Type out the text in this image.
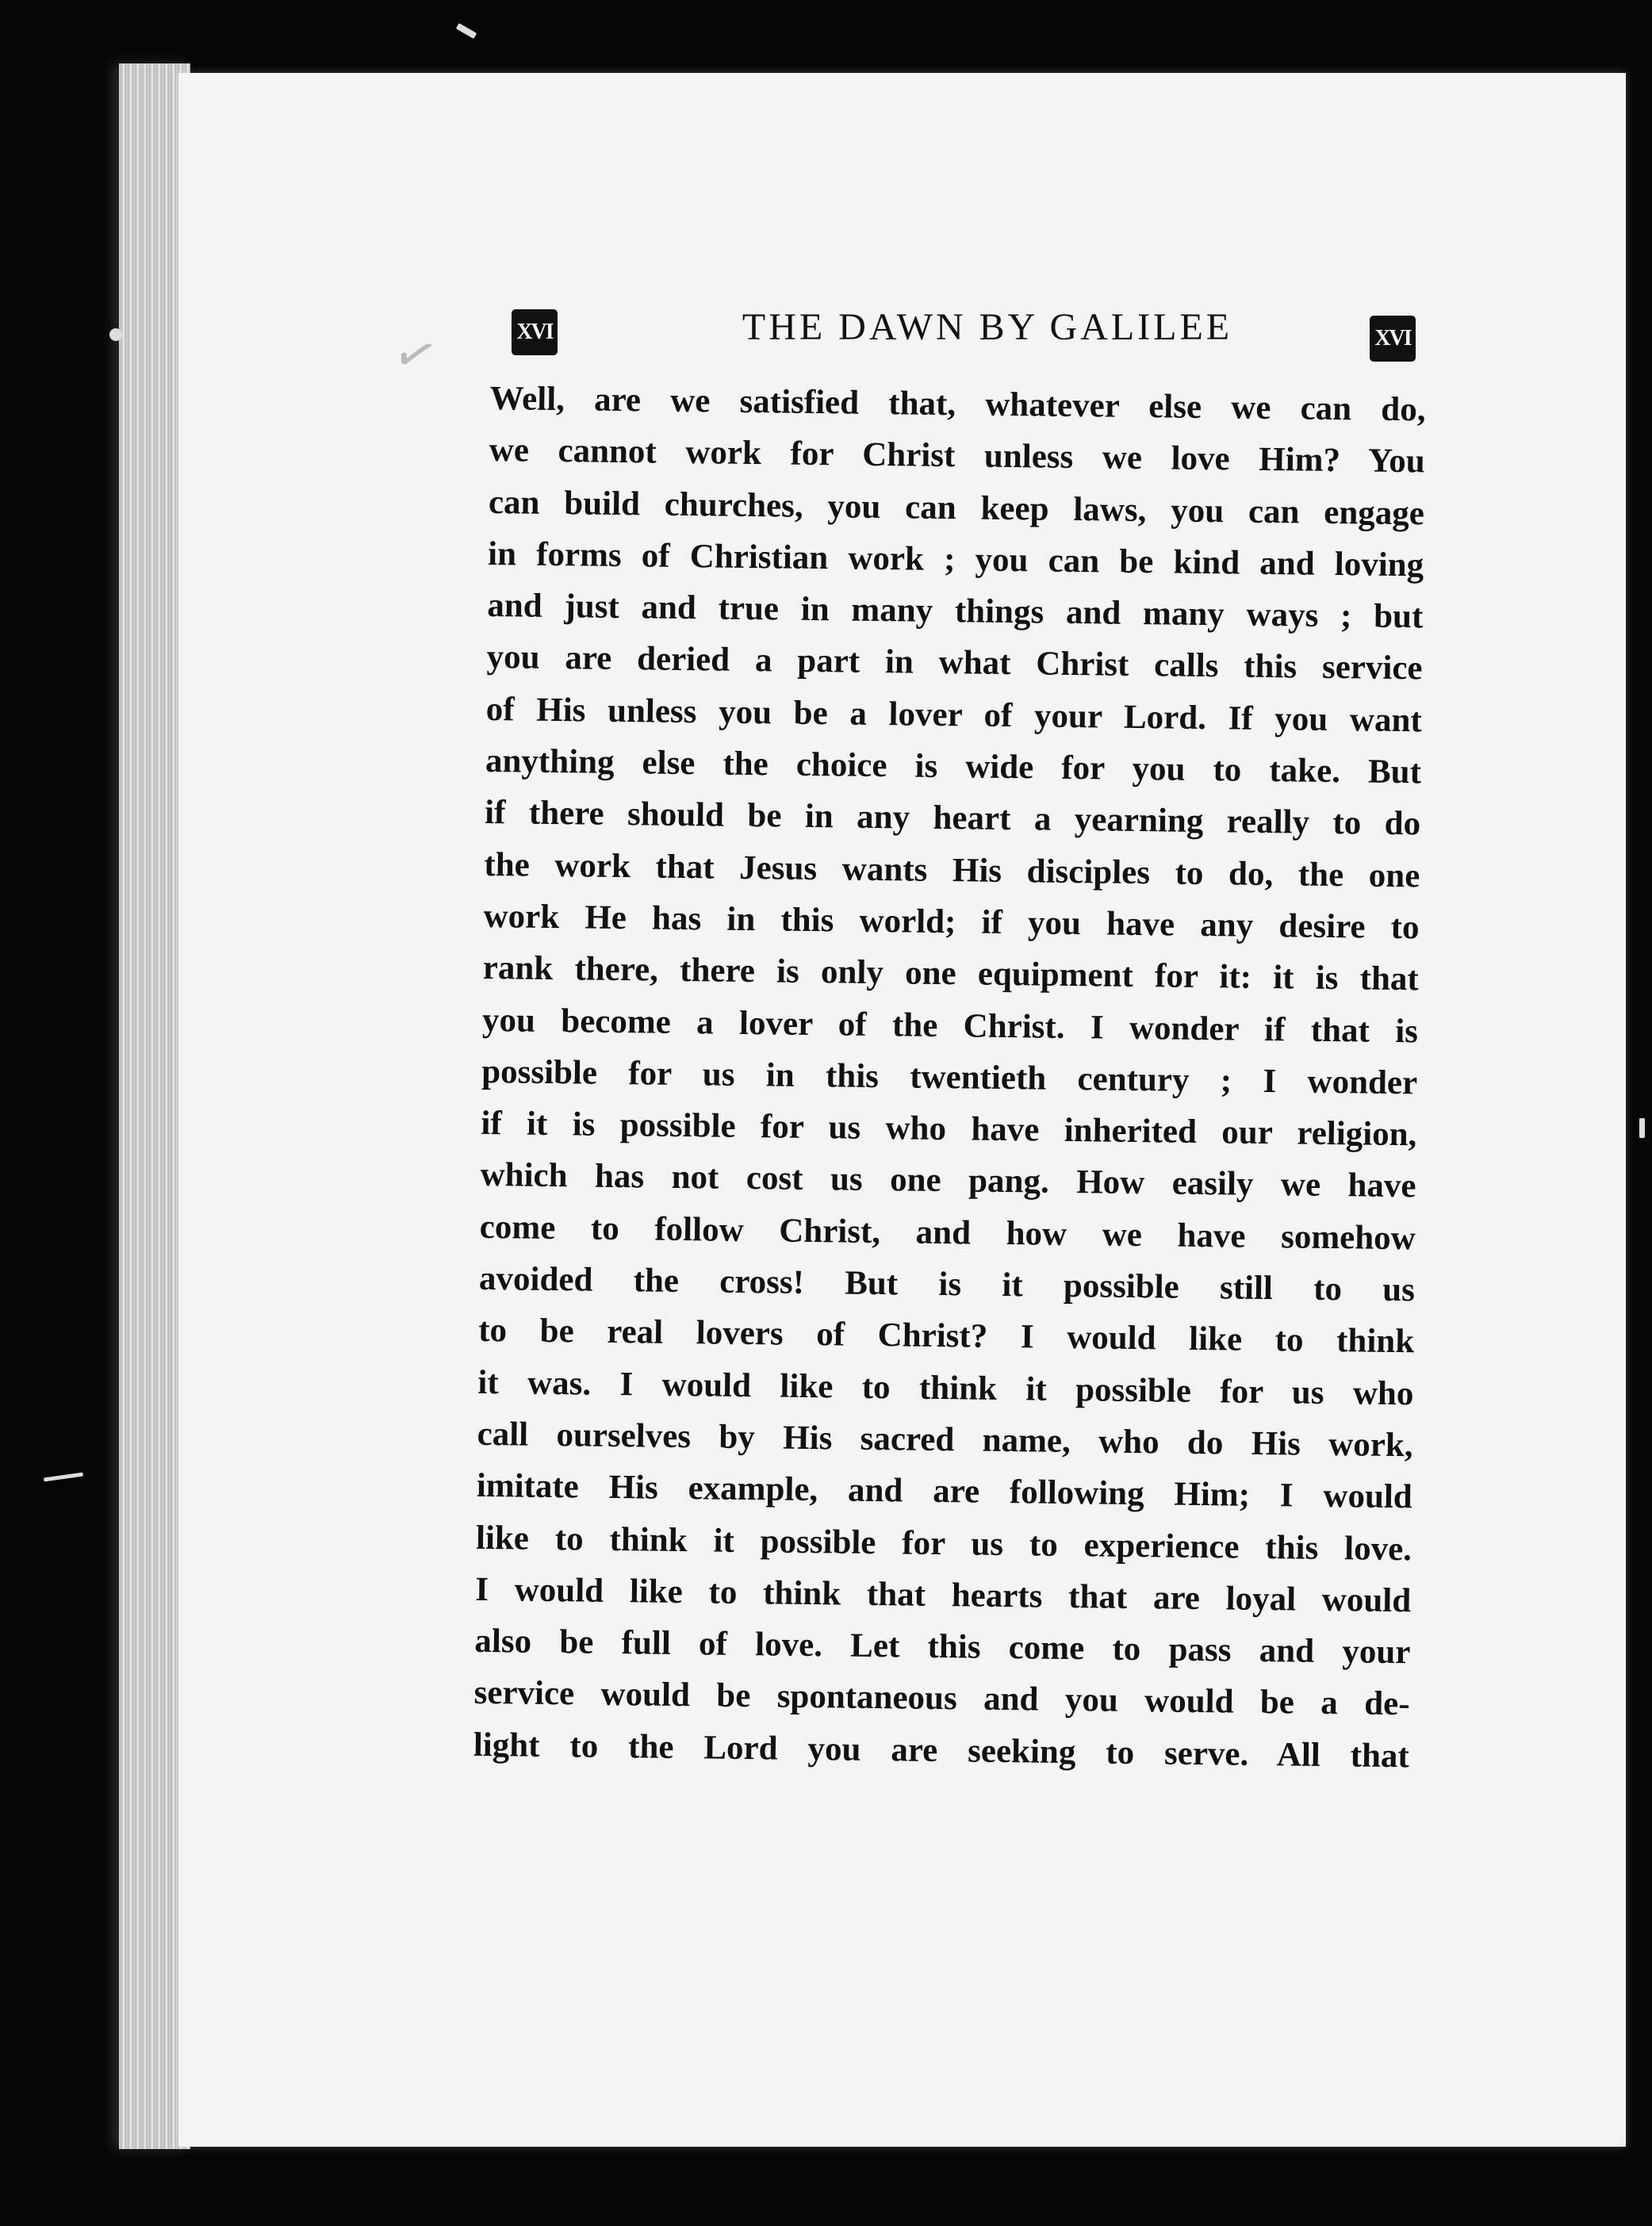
✓	XVI	THE DAWN BY GALILEE	XVI
Well, are we satisfied that, whatever else we can do,
we cannot work for Christ unless we love Him? You
can build churches, you can keep laws, you can engage
in forms of Christian work ; you can be kind and loving
and just and true in many things and many ways ; but
you are deried a part in what Christ calls this service
of His unless you be a lover of your Lord. If you want
anything else the choice is wide for you to take. But
if there should be in any heart a yearning really to do
the work that Jesus wants His disciples to do, the one
work He has in this world; if you have any desire to
rank there, there is only one equipment for it: it is that
you become a lover of the Christ. I wonder if that is
possible for us in this twentieth century ; I wonder
if it is possible for us who have inherited our religion,
which has not cost us one pang. How easily we have
come to follow Christ, and how we have somehow
avoided the cross! But is it possible still to us
to be real lovers of Christ? I would like to think
it was. I would like to think it possible for us who
call ourselves by His sacred name, who do His work,
imitate His example, and are following Him; I would
like to think it possible for us to experience this love.
I would like to think that hearts that are loyal would
also be full of love. Let this come to pass and your
service would be spontaneous and you would be a de-
light to the Lord you are seeking to serve. All that
